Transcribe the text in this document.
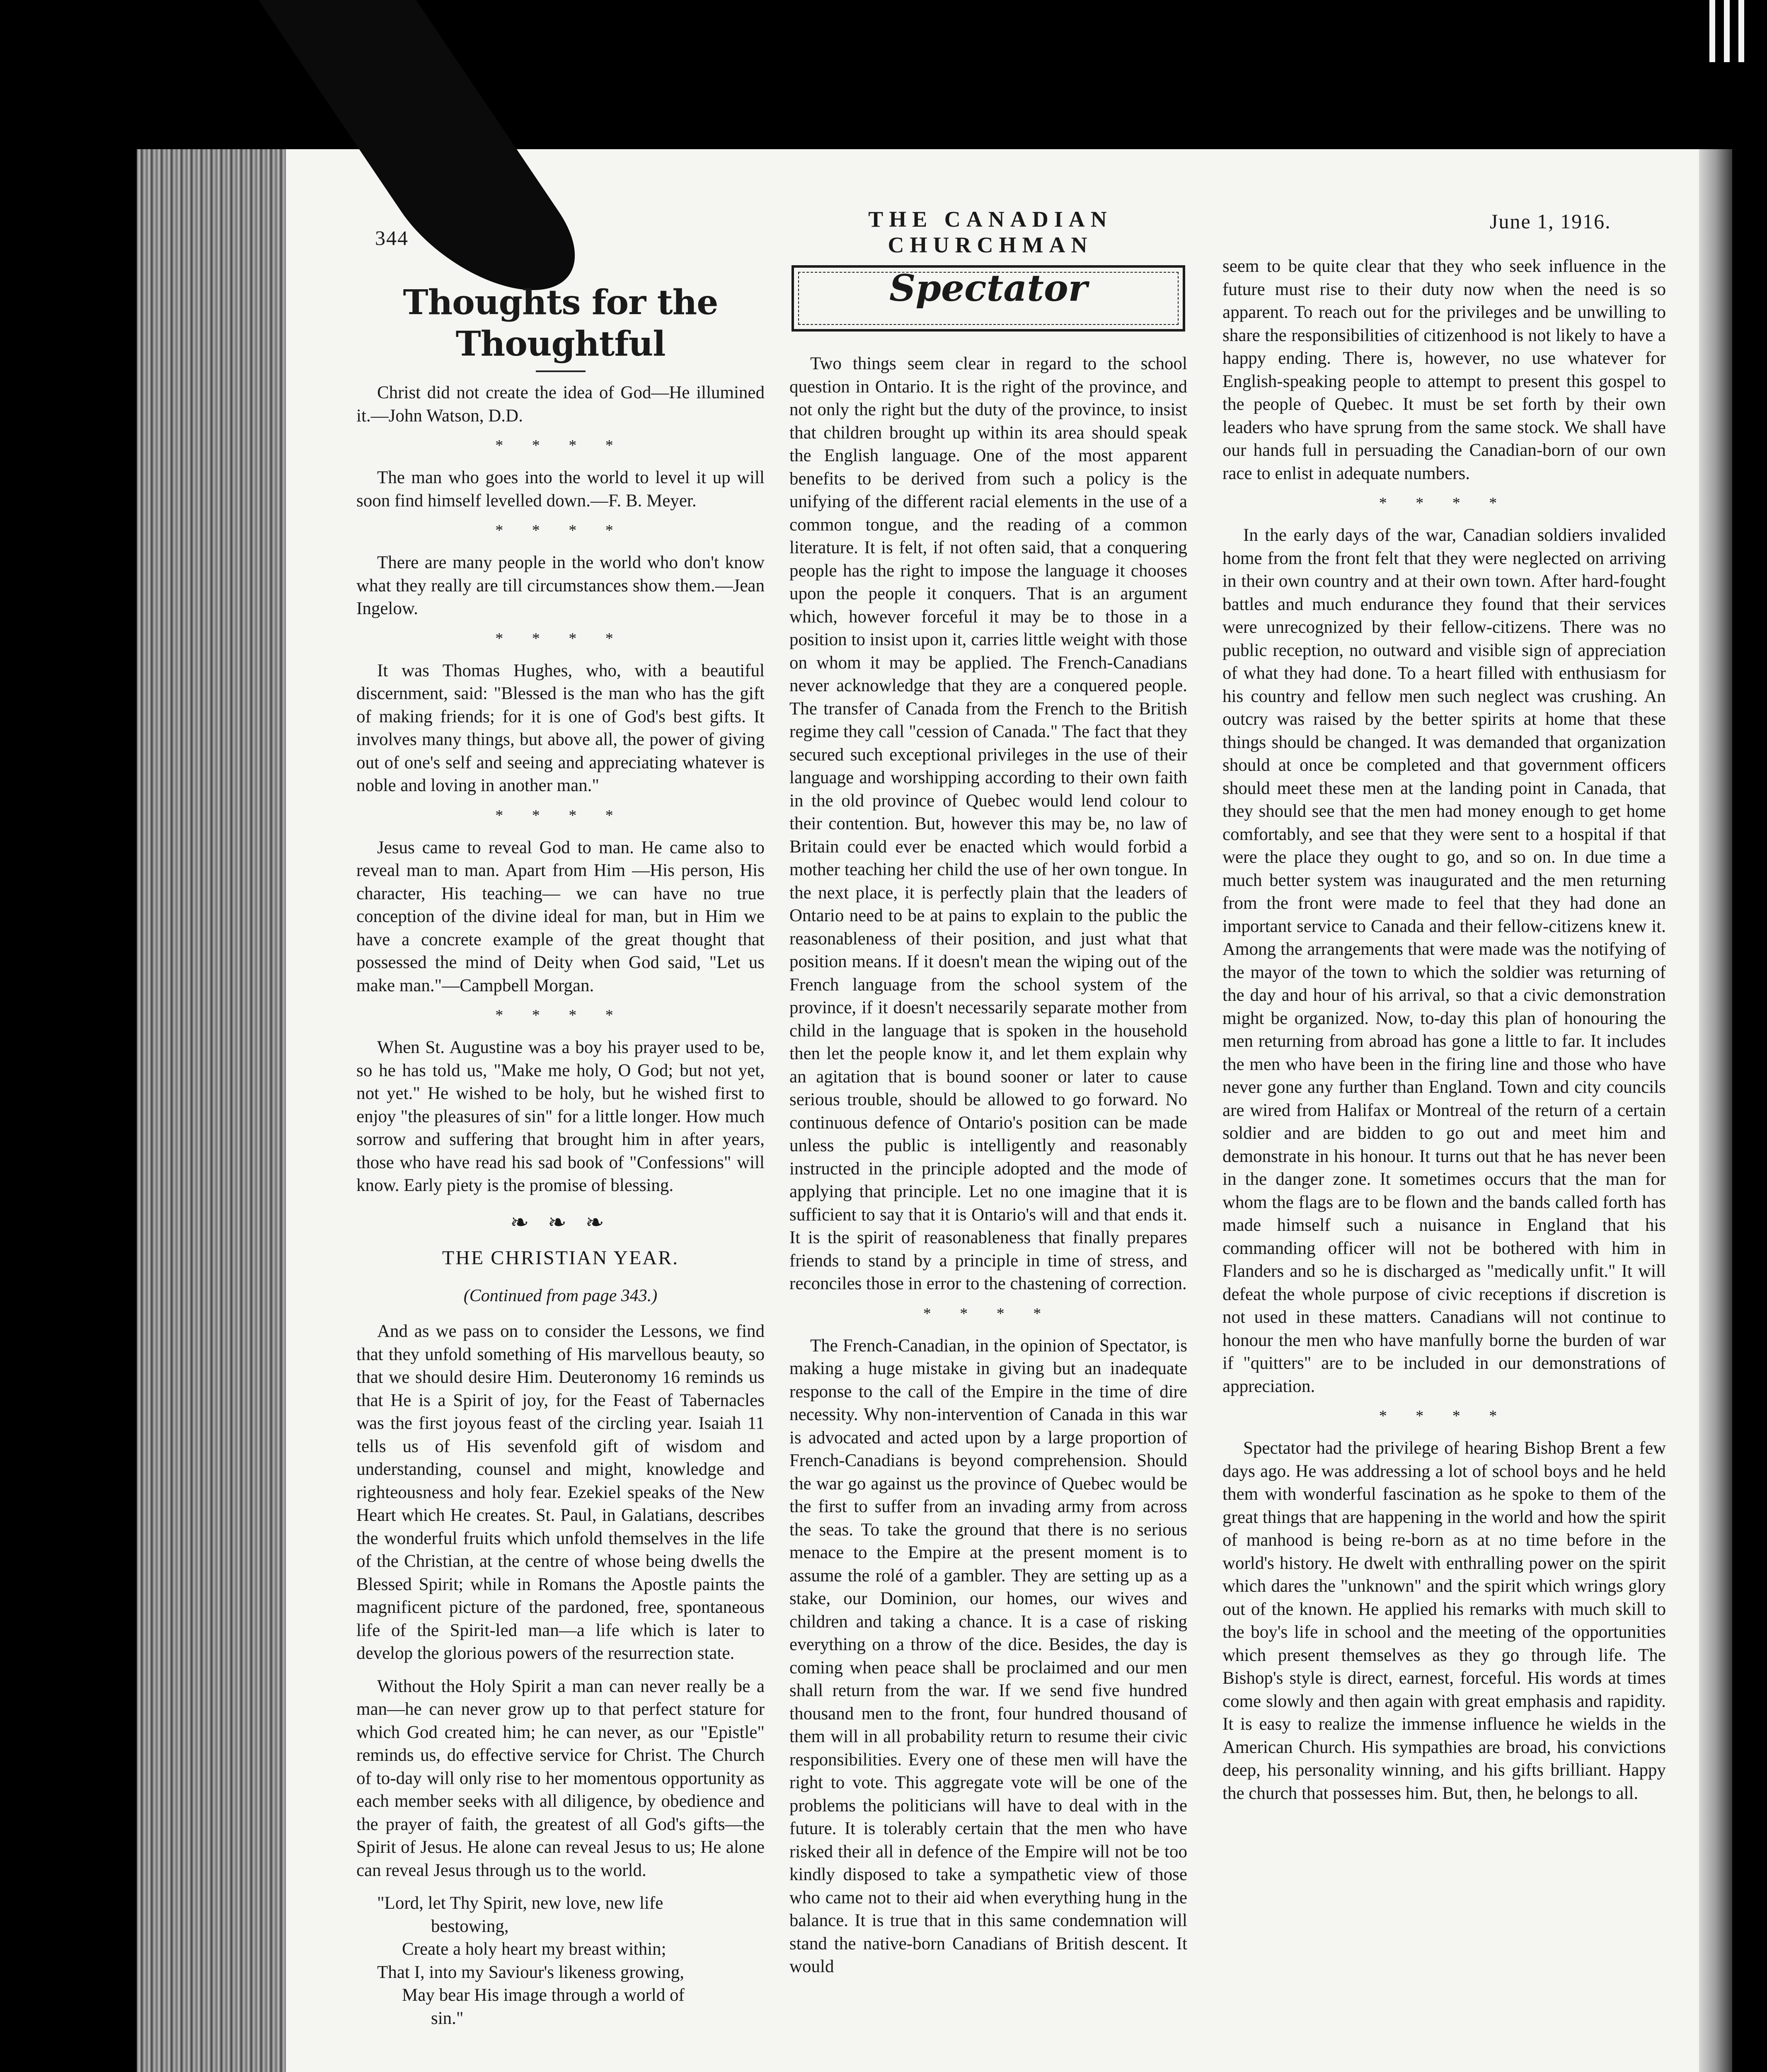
344
THE CANADIAN CHURCHMAN
June 1, 1916.
Thoughts for the Thoughtful

Christ did not create the idea of God—He illumined it.—John Watson, D.D.

* * * *

The man who goes into the world to level it up will soon find himself levelled down.—F. B. Meyer.

* * * *

There are many people in the world who don't know what they really are till circumstances show them.—Jean Ingelow.

* * * *

It was Thomas Hughes, who, with a beautiful discernment, said: "Blessed is the man who has the gift of making friends; for it is one of God's best gifts. It involves many things, but above all, the power of giving out of one's self and seeing and appreciating whatever is noble and loving in another man."

* * * *

Jesus came to reveal God to man. He came also to reveal man to man. Apart from Him —His person, His character, His teaching— we can have no true conception of the divine ideal for man, but in Him we have a concrete example of the great thought that possessed the mind of Deity when God said, "Let us make man."—Campbell Morgan.

* * * *

When St. Augustine was a boy his prayer used to be, so he has told us, "Make me holy, O God; but not yet, not yet." He wished to be holy, but he wished first to enjoy "the pleasures of sin" for a little longer. How much sorrow and suffering that brought him in after years, those who have read his sad book of "Confessions" will know. Early piety is the promise of blessing.

❧ ❧ ❧
THE CHRISTIAN YEAR.
(Continued from page 343.)

And as we pass on to consider the Lessons, we find that they unfold something of His marvellous beauty, so that we should desire Him. Deuteronomy 16 reminds us that He is a Spirit of joy, for the Feast of Tabernacles was the first joyous feast of the circling year. Isaiah 11 tells us of His sevenfold gift of wisdom and understanding, counsel and might, knowledge and righteousness and holy fear. Ezekiel speaks of the New Heart which He creates. St. Paul, in Galatians, describes the wonderful fruits which unfold themselves in the life of the Christian, at the centre of whose being dwells the Blessed Spirit; while in Romans the Apostle paints the magnificent picture of the pardoned, free, spontaneous life of the Spirit-led man—a life which is later to develop the glorious powers of the resurrection state.

Without the Holy Spirit a man can never really be a man—he can never grow up to that perfect stature for which God created him; he can never, as our "Epistle" reminds us, do effective service for Christ. The Church of to-day will only rise to her momentous opportunity as each member seeks with all diligence, by obedience and the prayer of faith, the greatest of all God's gifts—the Spirit of Jesus. He alone can reveal Jesus to us; He alone can reveal Jesus through us to the world.

"Lord, let Thy Spirit, new love, new life
bestowing,
Create a holy heart my breast within;
That I, into my Saviour's likeness growing,
May bear His image through a world of
sin."

Spectator

Two things seem clear in regard to the school question in Ontario. It is the right of the province, and not only the right but the duty of the province, to insist that children brought up within its area should speak the English language. One of the most apparent benefits to be derived from such a policy is the unifying of the different racial elements in the use of a common tongue, and the reading of a common literature. It is felt, if not often said, that a conquering people has the right to impose the language it chooses upon the people it conquers. That is an argument which, however forceful it may be to those in a position to insist upon it, carries little weight with those on whom it may be applied. The French-Canadians never acknowledge that they are a conquered people. The transfer of Canada from the French to the British regime they call "cession of Canada." The fact that they secured such exceptional privileges in the use of their language and worshipping according to their own faith in the old province of Quebec would lend colour to their contention. But, however this may be, no law of Britain could ever be enacted which would forbid a mother teaching her child the use of her own tongue. In the next place, it is perfectly plain that the leaders of Ontario need to be at pains to explain to the public the reasonableness of their position, and just what that position means. If it doesn't mean the wiping out of the French language from the school system of the province, if it doesn't necessarily separate mother from child in the language that is spoken in the household then let the people know it, and let them explain why an agitation that is bound sooner or later to cause serious trouble, should be allowed to go forward. No continuous defence of Ontario's position can be made unless the public is intelligently and reasonably instructed in the principle adopted and the mode of applying that principle. Let no one imagine that it is sufficient to say that it is Ontario's will and that ends it. It is the spirit of reasonableness that finally prepares friends to stand by a principle in time of stress, and reconciles those in error to the chastening of correction.

* * * *

The French-Canadian, in the opinion of Spectator, is making a huge mistake in giving but an inadequate response to the call of the Empire in the time of dire necessity. Why non-intervention of Canada in this war is advocated and acted upon by a large proportion of French-Canadians is beyond comprehension. Should the war go against us the province of Quebec would be the first to suffer from an invading army from across the seas. To take the ground that there is no serious menace to the Empire at the present moment is to assume the rolé of a gambler. They are setting up as a stake, our Dominion, our homes, our wives and children and taking a chance. It is a case of risking everything on a throw of the dice. Besides, the day is coming when peace shall be proclaimed and our men shall return from the war. If we send five hundred thousand men to the front, four hundred thousand of them will in all probability return to resume their civic responsibilities. Every one of these men will have the right to vote. This aggregate vote will be one of the problems the politicians will have to deal with in the future. It is tolerably certain that the men who have risked their all in defence of the Empire will not be too kindly disposed to take a sympathetic view of those who came not to their aid when everything hung in the balance. It is true that in this same condemnation will stand the native-born Canadians of British descent. It would

seem to be quite clear that they who seek influence in the future must rise to their duty now when the need is so apparent. To reach out for the privileges and be unwilling to share the responsibilities of citizenhood is not likely to have a happy ending. There is, however, no use whatever for English-speaking people to attempt to present this gospel to the people of Quebec. It must be set forth by their own leaders who have sprung from the same stock. We shall have our hands full in persuading the Canadian-born of our own race to enlist in adequate numbers.

* * * *

In the early days of the war, Canadian soldiers invalided home from the front felt that they were neglected on arriving in their own country and at their own town. After hard-fought battles and much endurance they found that their services were unrecognized by their fellow-citizens. There was no public reception, no outward and visible sign of appreciation of what they had done. To a heart filled with enthusiasm for his country and fellow men such neglect was crushing. An outcry was raised by the better spirits at home that these things should be changed. It was demanded that organization should at once be completed and that government officers should meet these men at the landing point in Canada, that they should see that the men had money enough to get home comfortably, and see that they were sent to a hospital if that were the place they ought to go, and so on. In due time a much better system was inaugurated and the men returning from the front were made to feel that they had done an important service to Canada and their fellow-citizens knew it. Among the arrangements that were made was the notifying of the mayor of the town to which the soldier was returning of the day and hour of his arrival, so that a civic demonstration might be organized. Now, to-day this plan of honouring the men returning from abroad has gone a little to far. It includes the men who have been in the firing line and those who have never gone any further than England. Town and city councils are wired from Halifax or Montreal of the return of a certain soldier and are bidden to go out and meet him and demonstrate in his honour. It turns out that he has never been in the danger zone. It sometimes occurs that the man for whom the flags are to be flown and the bands called forth has made himself such a nuisance in England that his commanding officer will not be bothered with him in Flanders and so he is discharged as "medically unfit." It will defeat the whole purpose of civic receptions if discretion is not used in these matters. Canadians will not continue to honour the men who have manfully borne the burden of war if "quitters" are to be included in our demonstrations of appreciation.

* * * *

Spectator had the privilege of hearing Bishop Brent a few days ago. He was addressing a lot of school boys and he held them with wonderful fascination as he spoke to them of the great things that are happening in the world and how the spirit of manhood is being re-born as at no time before in the world's history. He dwelt with enthralling power on the spirit which dares the "unknown" and the spirit which wrings glory out of the known. He applied his remarks with much skill to the boy's life in school and the meeting of the opportunities which present themselves as they go through life. The Bishop's style is direct, earnest, forceful. His words at times come slowly and then again with great emphasis and rapidity. It is easy to realize the immense influence he wields in the American Church. His sympathies are broad, his convictions deep, his personality winning, and his gifts brilliant. Happy the church that possesses him. But, then, he belongs to all.
